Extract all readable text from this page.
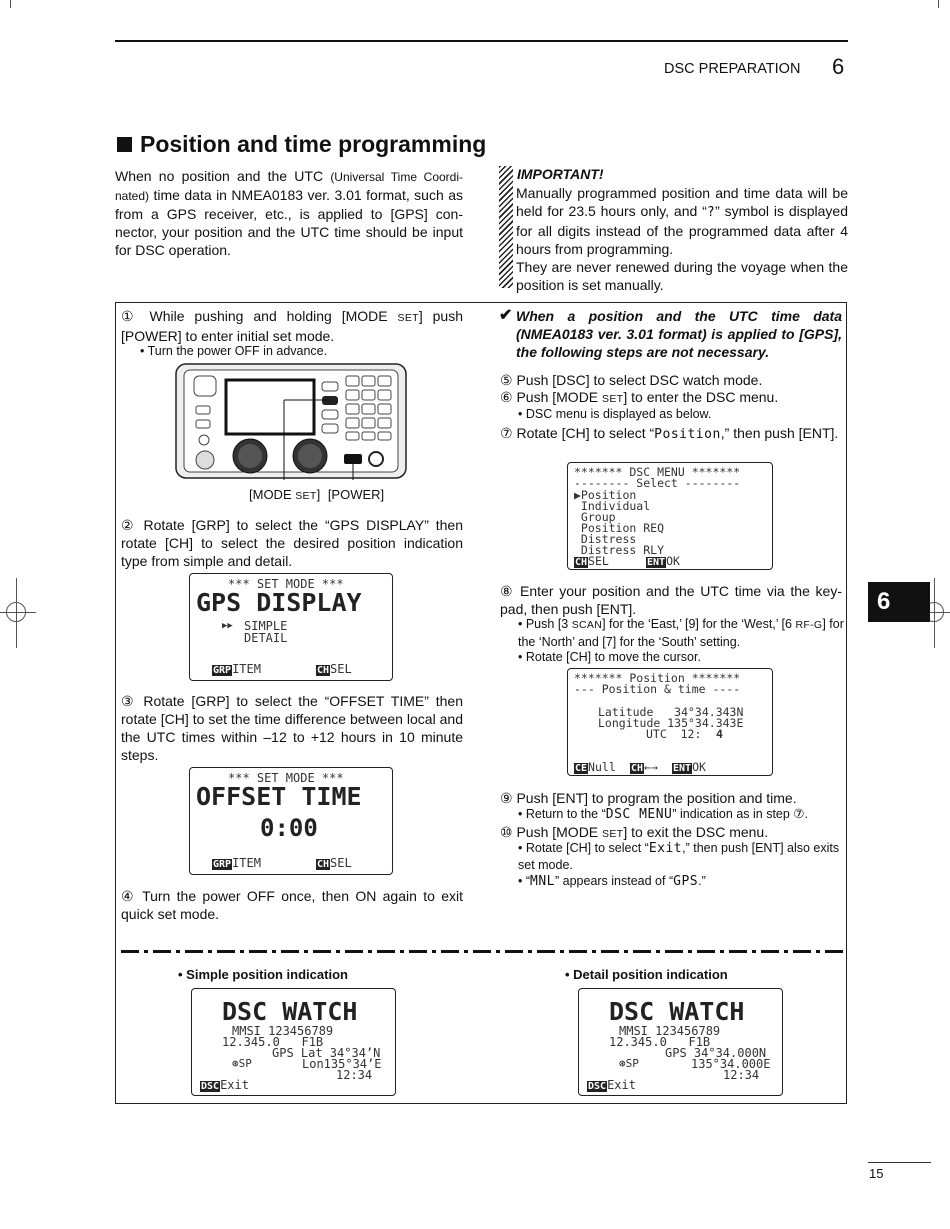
DSC PREPARATION 6
Position and time programming
When no position and the UTC (Universal Time Coordi-nated) time data in NMEA0183 ver. 3.01 format, such as from a GPS receiver, etc., is applied to [GPS] con-nector, your position and the UTC time should be input for DSC operation.
IMPORTANT!
Manually programmed position and time data will be held for 23.5 hours only, and “?” symbol is displayed for all digits instead of the programmed data after 4 hours from programming.
They are never renewed during the voyage when the position is set manually.
① While pushing and holding [MODE SET] push [POWER] to enter initial set mode.
• Turn the power OFF in advance.
[MODE SET] [POWER]
② Rotate [GRP] to select the “GPS DISPLAY” then rotate [CH] to select the desired position indication type from simple and detail.
*** SET MODE ***
GPS DISPLAY
▶▶ SIMPLE
DETAIL
GRPITEM	CHSEL
③ Rotate [GRP] to select the “OFFSET TIME” then rotate [CH] to set the time difference between local and the UTC times within –12 to +12 hours in 10 minute steps.
*** SET MODE ***
OFFSET TIME
0:00
GRPITEM	CHSEL
④ Turn the power OFF once, then ON again to exit quick set mode.
✔ When a position and the UTC time data (NMEA0183 ver. 3.01 format) is applied to [GPS], the following steps are not necessary.
⑤ Push [DSC] to select DSC watch mode.
⑥ Push [MODE SET] to enter the DSC menu.
• DSC menu is displayed as below.
⑦ Rotate [CH] to select “Position,” then push [ENT].
******* DSC MENU *******
-------- Select --------
▶Position
Individual
Group
Position REQ
Distress
Distress RLY
CHSEL	ENTOK
⑧ Enter your position and the UTC time via the key-pad, then push [ENT].
• Push [3 SCAN] for the ‘East,’ [9] for the ‘West,’ [6 RF-G] for the ‘North’ and [7] for the ‘South’ setting.
• Rotate [CH] to move the cursor.
******* Position *******
--- Position & time ----
Latitude   34°34.343N
Longitude 135°34.343E
UTC  12: 4
CENull CH←→ ENTOK
⑨ Push [ENT] to program the position and time.
• Return to the “DSC MENU” indication as in step ⑦.
⑩ Push [MODE SET] to exit the DSC menu.
• Rotate [CH] to select “Exit,” then push [ENT] also exits set mode.
• “MNL” appears instead of “GPS.”
• Simple position indication
DSC WATCH
MMSI 123456789
12.345.0   F1B
GPS Lat 34°34’N
⊛SP	Lon135°34’E
12:34
DSCExit
• Detail position indication
DSC WATCH
MMSI 123456789
12.345.0   F1B
GPS 34°34.000N
⊛SP	135°34.000E
12:34
DSCExit
6
15
